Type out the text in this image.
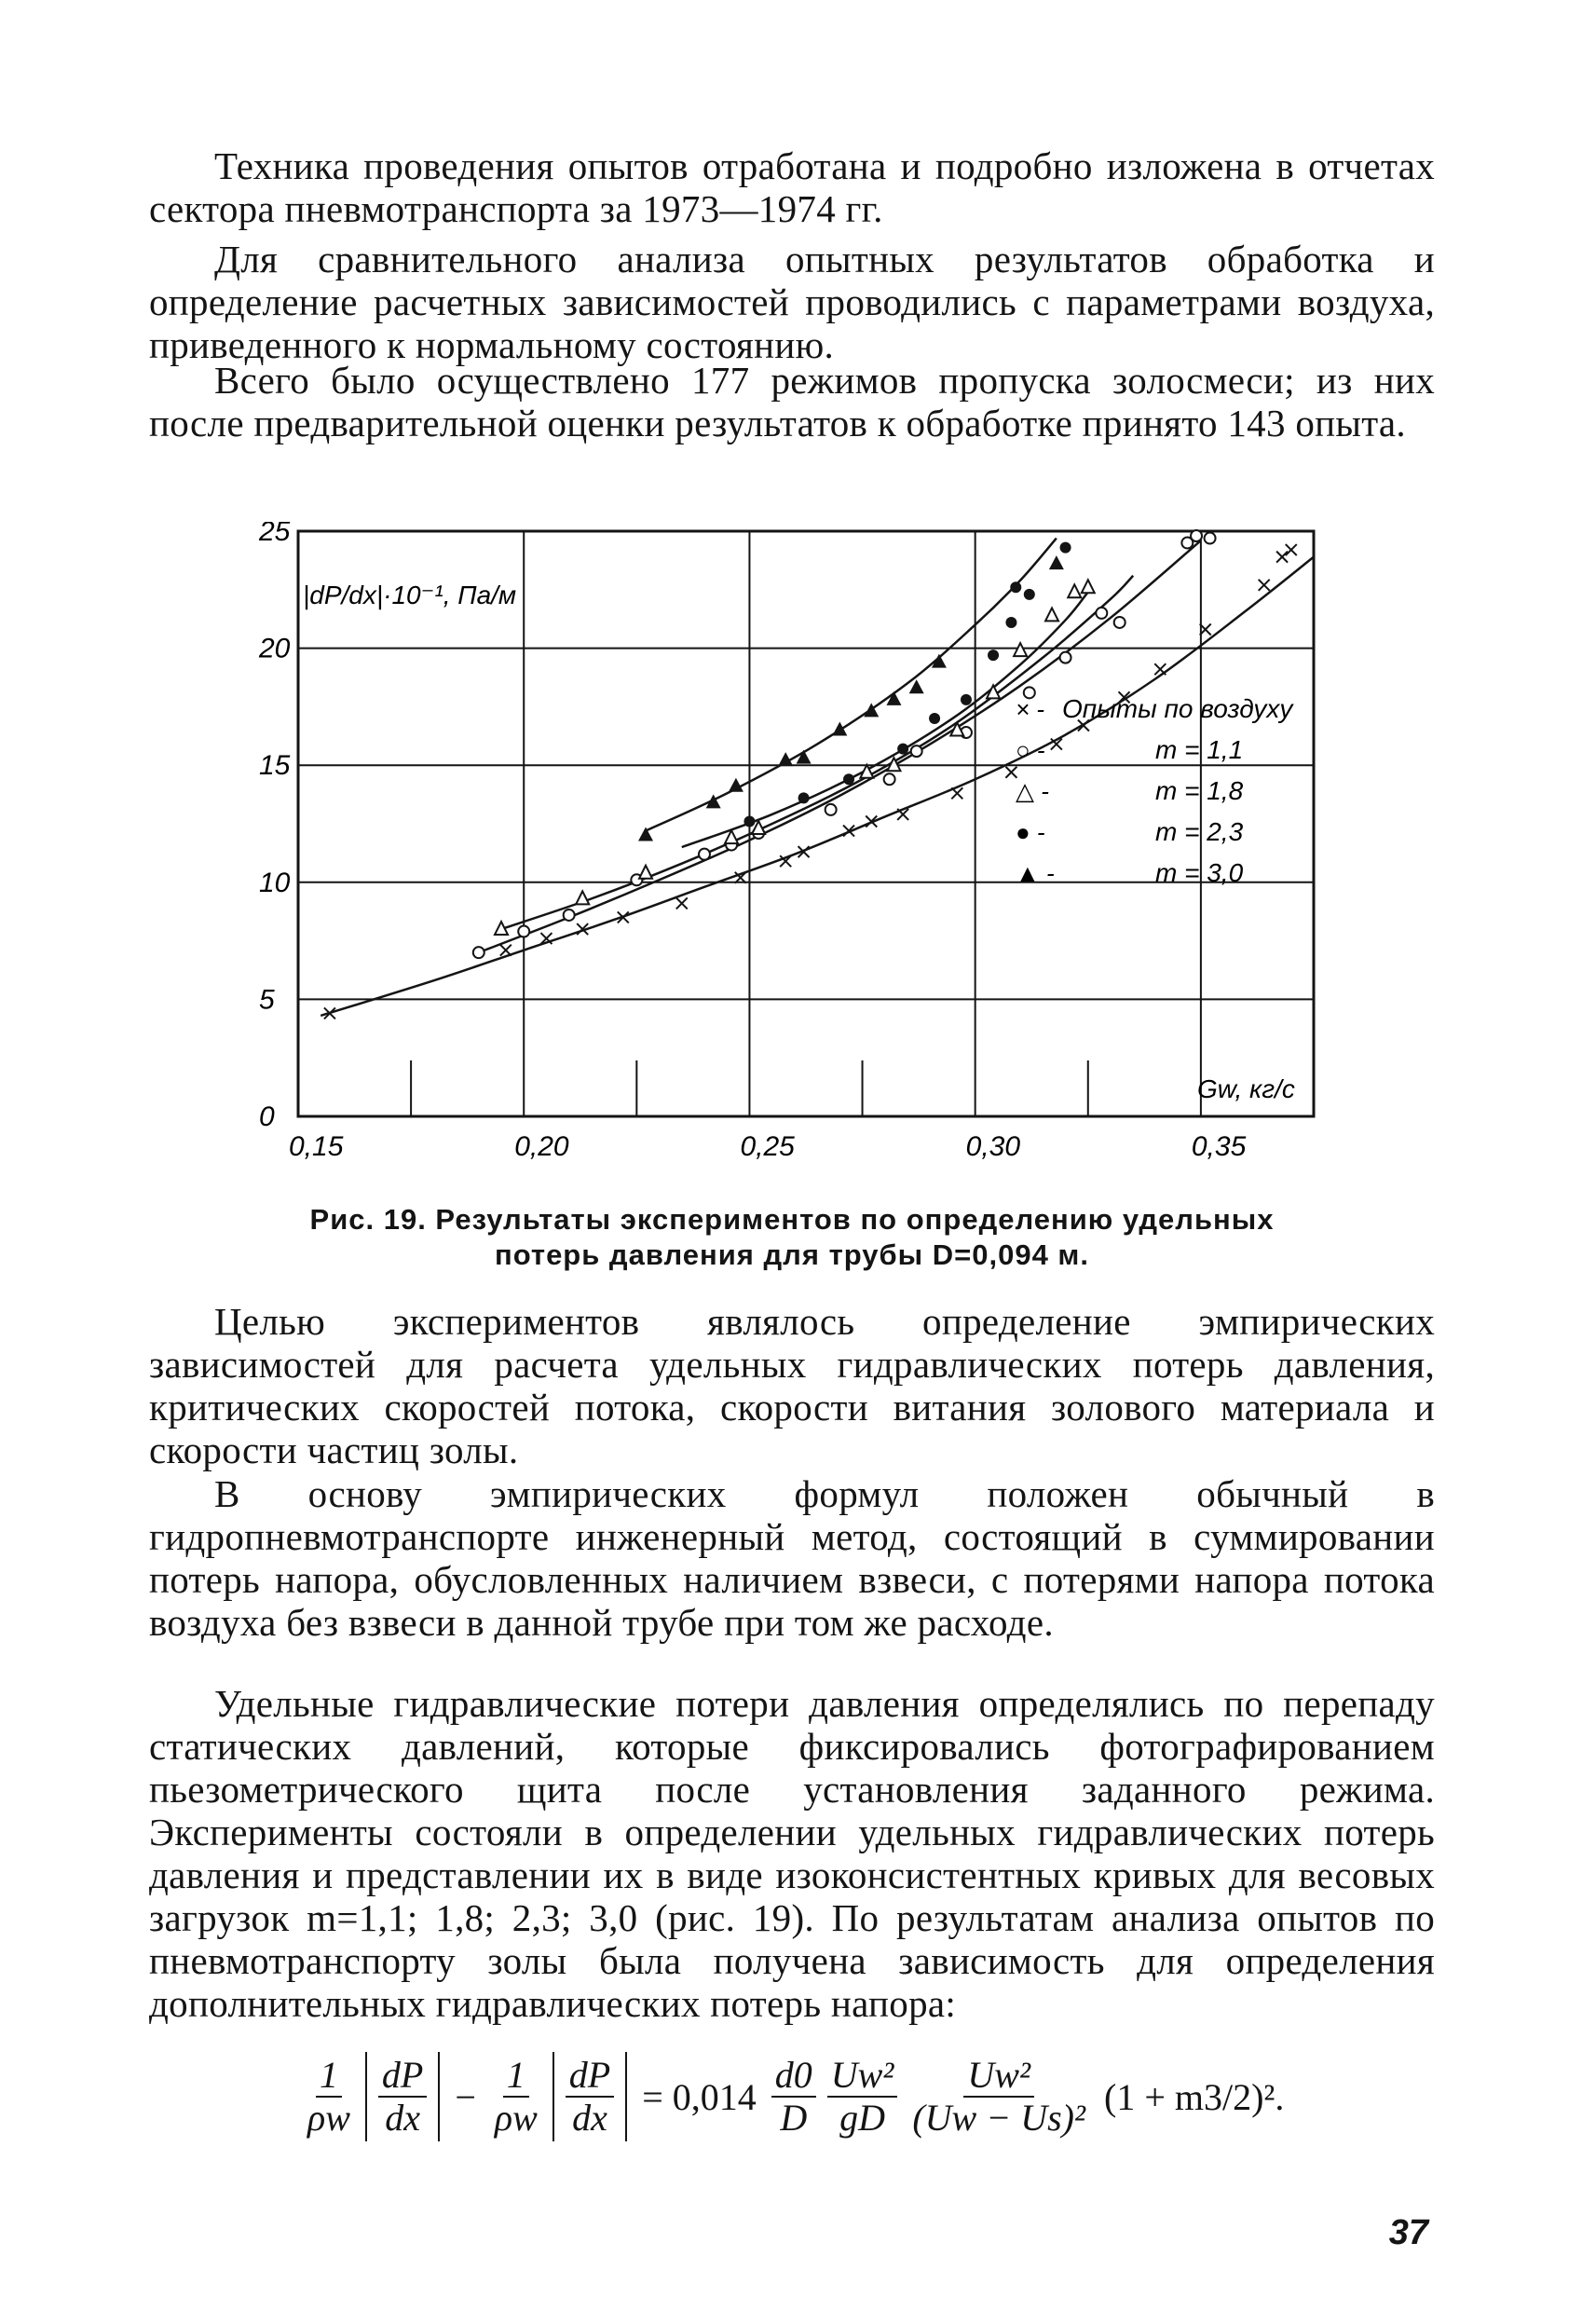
Техника проведения опытов отработана и подробно изложена в отчетах сектора пневмотранспорта за 1973—1974 гг.

Для сравнительного анализа опытных результатов обработка и определение расчетных зависимостей проводились с параметрами воздуха, приведенного к нормальному состоянию.

Всего было осуществлено 177 режимов пропуска золосмеси; из них после предварительной оценки результатов к обработке принято 143 опыта.

0,15	0,20	0,25	0,30	0,35
0
5
10
15
20
25
|dP/dx|·10⁻¹, Па/м
Gw, кг/с
× - Опыты по воздуху
○ -	m = 1,1
△ -	m = 1,8
● -	m = 2,3
▲ -	m = 3,0
Рис. 19. Результаты экспериментов по определению удельных
потерь давления для трубы D=0,094 м.

Целью экспериментов являлось определение эмпирических зависимостей для расчета удельных гидравлических потерь давления, критических скоростей потока, скорости витания золового материала и скорости частиц золы.

В основу эмпирических формул положен обычный в гидропневмотранспорте инженерный метод, состоящий в суммировании потерь напора, обусловленных наличием взвеси, с потерями напора потока воздуха без взвеси в данной трубе при том же расходе.

Удельные гидравлические потери давления определялись по перепаду статических давлений, которые фиксировались фотографированием пьезометрического щита после установления заданного режима. Эксперименты состояли в определении удельных гидравлических потерь давления и представлении их в виде изоконсистентных кривых для весовых загрузок m=1,1; 1,8; 2,3; 3,0 (рис. 19). По результатам анализа опытов по пневмотранспорту золы была получена зависимость для определения дополнительных гидравлических потерь напора:

$\frac{1}{\rho w} \frac{dP}{dx} - \frac{1}{\rho w} \frac{dP}{dx} = 0,014 \frac{d0}{D} \frac{\text{Uw²}}{gD} \frac{\text{Uw²}}{\text{(Uw − Us)²}} (1 + m3/2)^2$.
37
